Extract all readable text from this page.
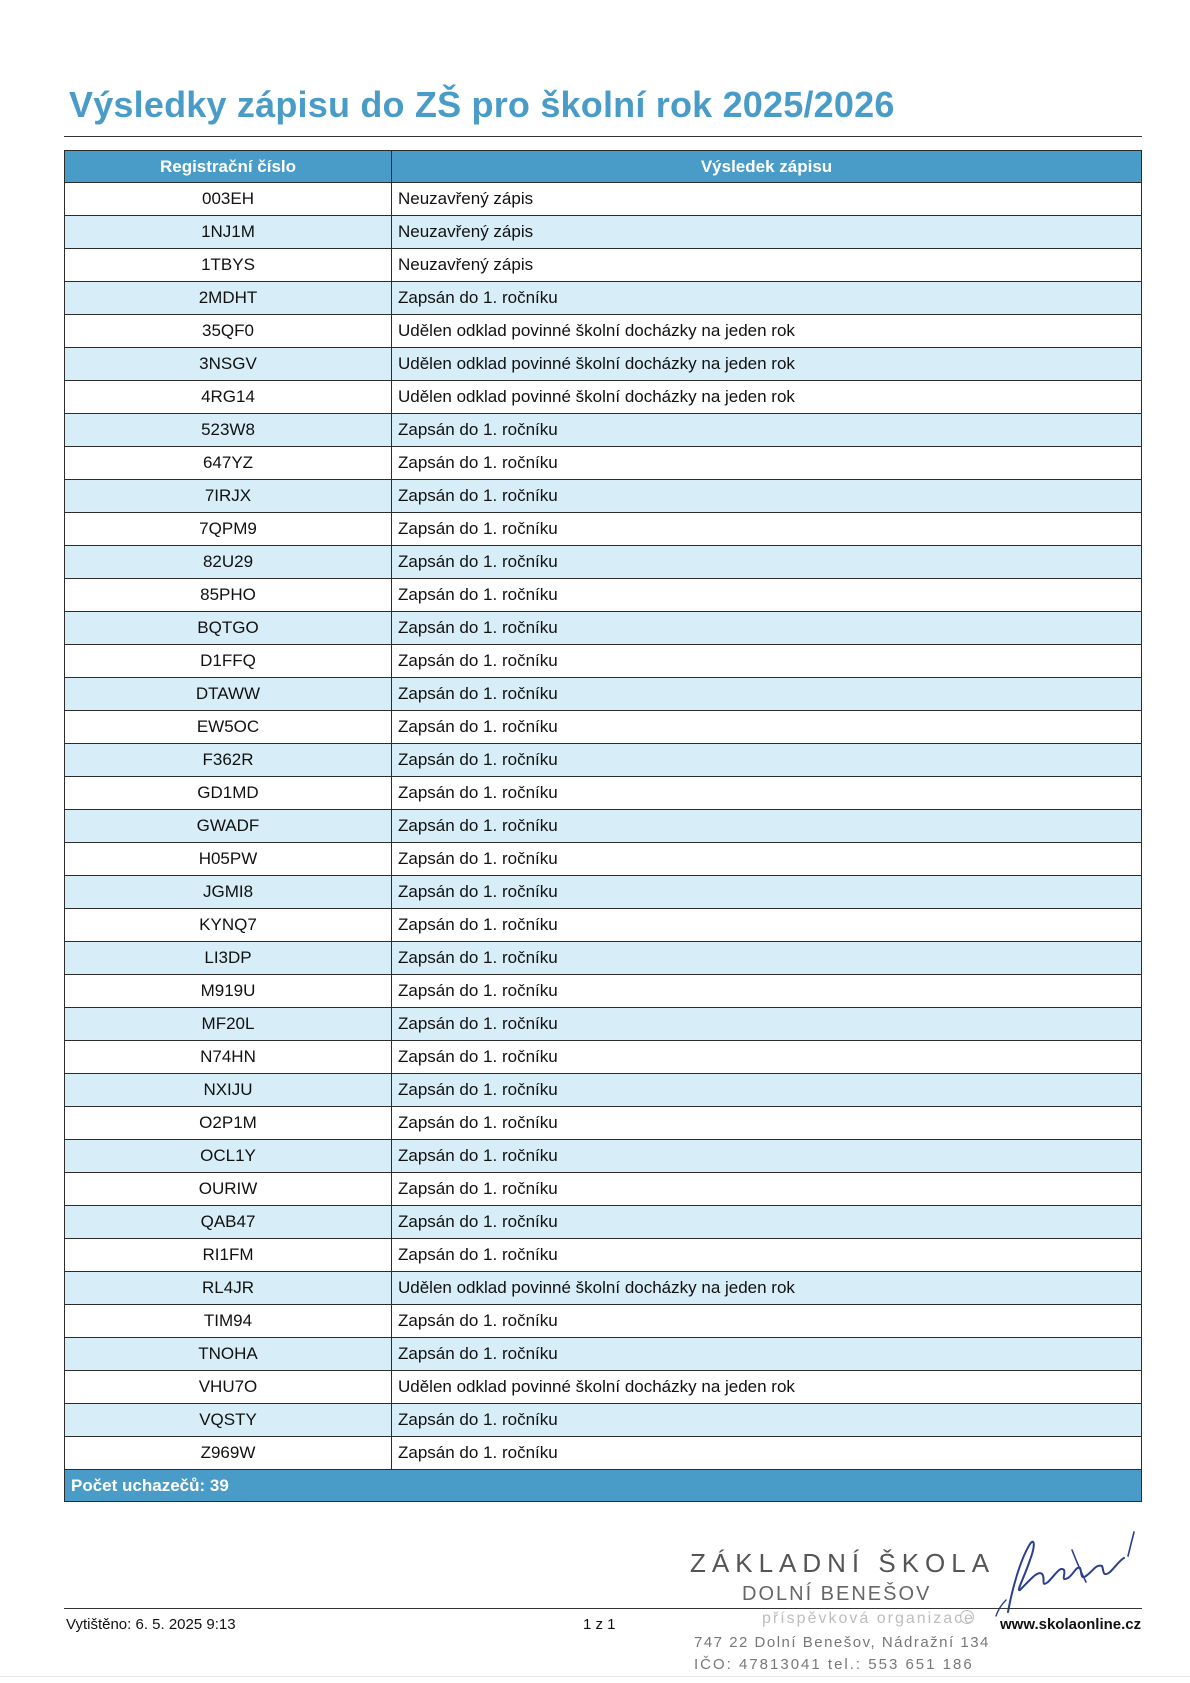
Výsledky zápisu do ZŠ pro školní rok 2025/2026
Registrační číslo	Výsledek zápisu
003EH	Neuzavřený zápis
1NJ1M	Neuzavřený zápis
1TBYS	Neuzavřený zápis
2MDHT	Zapsán do 1. ročníku
35QF0	Udělen odklad povinné školní docházky na jeden rok
3NSGV	Udělen odklad povinné školní docházky na jeden rok
4RG14	Udělen odklad povinné školní docházky na jeden rok
523W8	Zapsán do 1. ročníku
647YZ	Zapsán do 1. ročníku
7IRJX	Zapsán do 1. ročníku
7QPM9	Zapsán do 1. ročníku
82U29	Zapsán do 1. ročníku
85PHO	Zapsán do 1. ročníku
BQTGO	Zapsán do 1. ročníku
D1FFQ	Zapsán do 1. ročníku
DTAWW	Zapsán do 1. ročníku
EW5OC	Zapsán do 1. ročníku
F362R	Zapsán do 1. ročníku
GD1MD	Zapsán do 1. ročníku
GWADF	Zapsán do 1. ročníku
H05PW	Zapsán do 1. ročníku
JGMI8	Zapsán do 1. ročníku
KYNQ7	Zapsán do 1. ročníku
LI3DP	Zapsán do 1. ročníku
M919U	Zapsán do 1. ročníku
MF20L	Zapsán do 1. ročníku
N74HN	Zapsán do 1. ročníku
NXIJU	Zapsán do 1. ročníku
O2P1M	Zapsán do 1. ročníku
OCL1Y	Zapsán do 1. ročníku
OURIW	Zapsán do 1. ročníku
QAB47	Zapsán do 1. ročníku
RI1FM	Zapsán do 1. ročníku
RL4JR	Udělen odklad povinné školní docházky na jeden rok
TIM94	Zapsán do 1. ročníku
TNOHA	Zapsán do 1. ročníku
VHU7O	Udělen odklad povinné školní docházky na jeden rok
VQSTY	Zapsán do 1. ročníku
Z969W	Zapsán do 1. ročníku
Počet uchazečů: 39	
ZÁKLADNÍ ŠKOLA
DOLNÍ BENEŠOV
příspěvková organizace
747 22 Dolní Benešov, Nádražní 134
IČO: 47813041 tel.: 553 651 186
Vytištěno: 6. 5. 2025 9:13	1 z 1	www.skolaonline.cz
